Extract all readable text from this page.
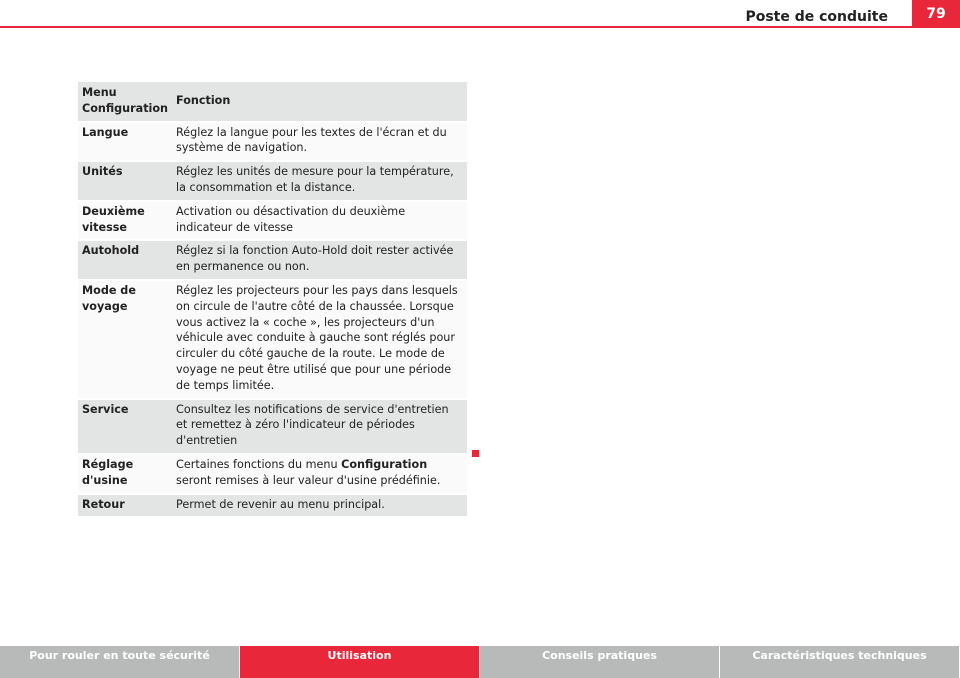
Poste de conduite	79
Menu Configuration	Fonction
Langue	Réglez la langue pour les textes de l'écran et du système de navigation.
Unités	Réglez les unités de mesure pour la température, la consommation et la distance.
Deuxième vitesse	Activation ou désactivation du deuxième indicateur de vitesse
Autohold	Réglez si la fonction Auto-Hold doit rester activée en permanence ou non.
Mode de voyage	Réglez les projecteurs pour les pays dans lesquels on circule de l'autre côté de la chaussée. Lorsque vous activez la « coche », les projecteurs d'un véhicule avec conduite à gauche sont réglés pour circuler du côté gauche de la route. Le mode de voyage ne peut être utilisé que pour une période de temps limitée.
Service	Consultez les notifications de service d'entretien et remettez à zéro l'indicateur de périodes d'entretien
Réglage d'usine	Certaines fonctions du menu Configuration seront remises à leur valeur d'usine prédéfinie.
Retour	Permet de revenir au menu principal.
Pour rouler en toute sécurité	Utilisation	Conseils pratiques	Caractéristiques techniques
